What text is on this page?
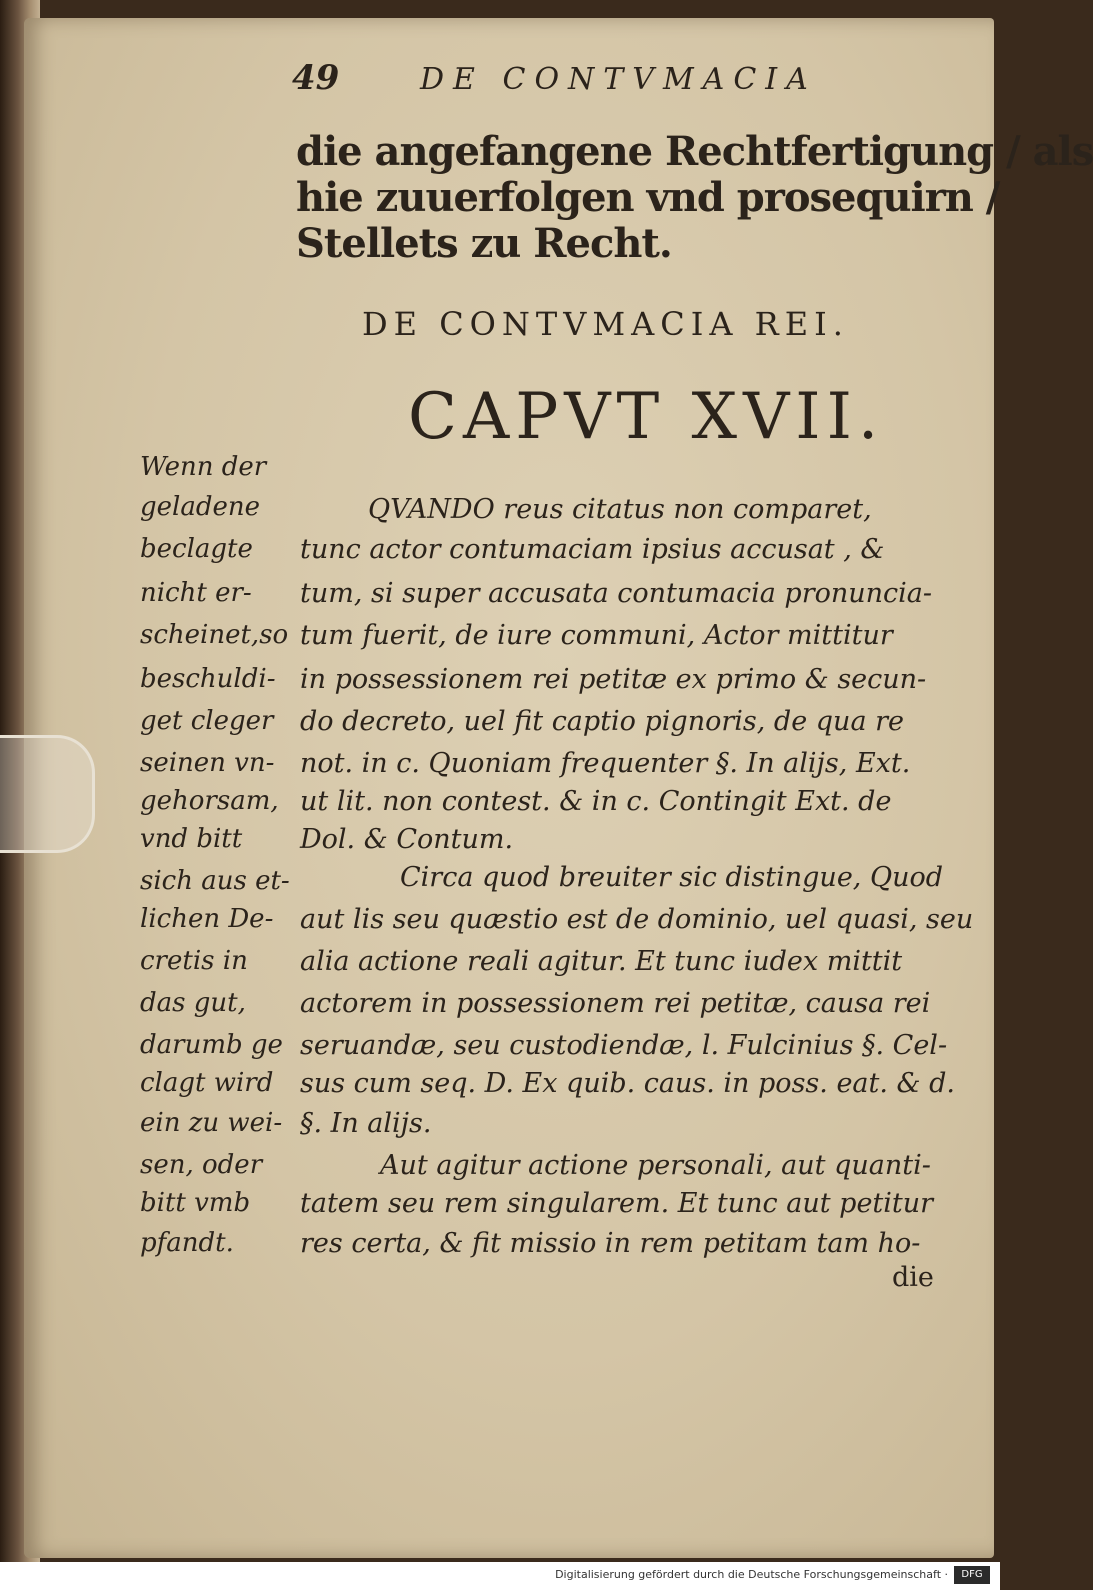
49	DE CONTVMACIA
die angefangene Rechtfertigung / als
hie zuuerfolgen vnd prosequirn /
Stellets zu Recht.
DE CONTVMACIA REI.
CAPVT XVII.
Wenn der
geladene
beclagte
nicht er-
scheinet,so
beschuldi-
get cleger
seinen vn-
gehorsam,
vnd bitt
sich aus et-
lichen De-
cretis in
das gut,
darumb ge
clagt wird
ein zu wei-
sen, oder
bitt vmb
pfandt.
QVANDO reus citatus non comparet,
tunc actor contumaciam ipsius accusat , &
tum, si super accusata contumacia pronuncia-
tum fuerit, de iure communi, Actor mittitur
in possessionem rei petitæ ex primo & secun-
do decreto, uel fit captio pignoris, de qua re
not. in c. Quoniam frequenter §. In alijs, Ext.
ut lit. non contest. & in c. Contingit Ext. de
Dol. & Contum.
Circa quod breuiter sic distingue, Quod
aut lis seu quæstio est de dominio, uel quasi, seu
alia actione reali agitur. Et tunc iudex mittit
actorem in possessionem rei petitæ, causa rei
seruandæ, seu custodiendæ, l. Fulcinius §. Cel-
sus cum seq. D. Ex quib. caus. in poss. eat. & d.
§. In alijs.
Aut agitur actione personali, aut quanti-
tatem seu rem singularem. Et tunc aut petitur
res certa, & fit missio in rem petitam tam ho-
die
Digitalisierung gefördert durch die Deutsche Forschungsgemeinschaft ·	DFG
